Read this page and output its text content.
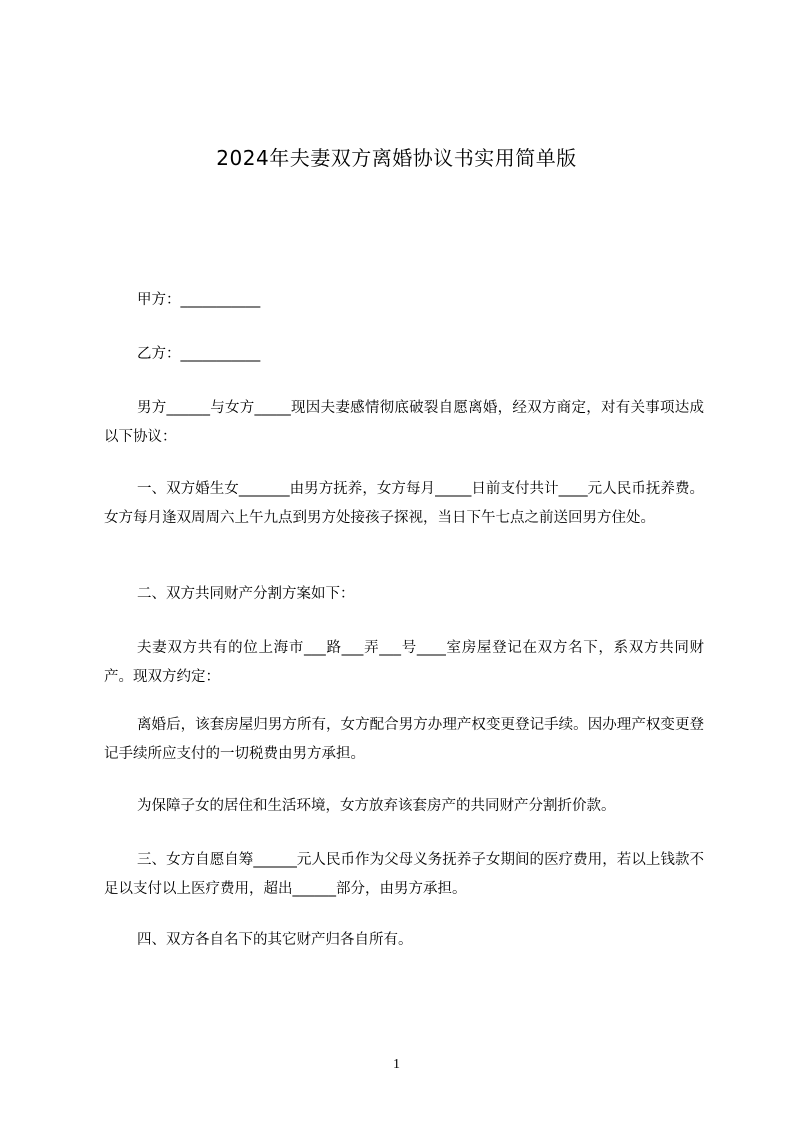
2024年夫妻双方离婚协议书实用简单版

甲方：___________

乙方：___________

男方______与女方_____现因夫妻感情彻底破裂自愿离婚，经双方商定，对有关事项达成以下协议：

一、双方婚生女_______由男方抚养，女方每月_____日前支付共计____元人民币抚养费。女方每月逢双周周六上午九点到男方处接孩子探视，当日下午七点之前送回男方住处。

二、双方共同财产分割方案如下：

夫妻双方共有的位上海市___路___弄___号____室房屋登记在双方名下，系双方共同财产。现双方约定：

离婚后，该套房屋归男方所有，女方配合男方办理产权变更登记手续。因办理产权变更登记手续所应支付的一切税费由男方承担。

为保障子女的居住和生活环境，女方放弃该套房产的共同财产分割折价款。

三、女方自愿自筹______元人民币作为父母义务抚养子女期间的医疗费用，若以上钱款不足以支付以上医疗费用，超出______部分，由男方承担。

四、双方各自名下的其它财产归各自所有。

1
